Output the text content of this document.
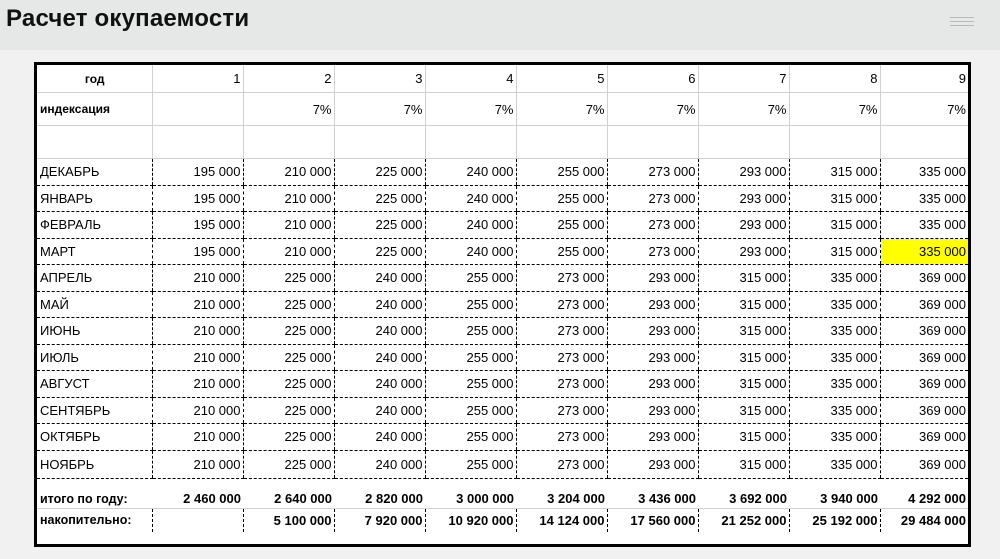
Расчет окупаемости
год	1	2	3	4	5	6	7	8	9
индексация		7%	7%	7%	7%	7%	7%	7%	7%

ДЕКАБРЬ	195 000	210 000	225 000	240 000	255 000	273 000	293 000	315 000	335 000
ЯНВАРЬ	195 000	210 000	225 000	240 000	255 000	273 000	293 000	315 000	335 000
ФЕВРАЛЬ	195 000	210 000	225 000	240 000	255 000	273 000	293 000	315 000	335 000
МАРТ	195 000	210 000	225 000	240 000	255 000	273 000	293 000	315 000	335 000
АПРЕЛЬ	210 000	225 000	240 000	255 000	273 000	293 000	315 000	335 000	369 000
МАЙ	210 000	225 000	240 000	255 000	273 000	293 000	315 000	335 000	369 000
ИЮНЬ	210 000	225 000	240 000	255 000	273 000	293 000	315 000	335 000	369 000
ИЮЛЬ	210 000	225 000	240 000	255 000	273 000	293 000	315 000	335 000	369 000
АВГУСТ	210 000	225 000	240 000	255 000	273 000	293 000	315 000	335 000	369 000
СЕНТЯБРЬ	210 000	225 000	240 000	255 000	273 000	293 000	315 000	335 000	369 000
ОКТЯБРЬ	210 000	225 000	240 000	255 000	273 000	293 000	315 000	335 000	369 000
НОЯБРЬ	210 000	225 000	240 000	255 000	273 000	293 000	315 000	335 000	369 000
итого по году:	2 460 000	2 640 000	2 820 000	3 000 000	3 204 000	3 436 000	3 692 000	3 940 000	4 292 000
накопительно:		5 100 000	7 920 000	10 920 000	14 124 000	17 560 000	21 252 000	25 192 000	29 484 000
